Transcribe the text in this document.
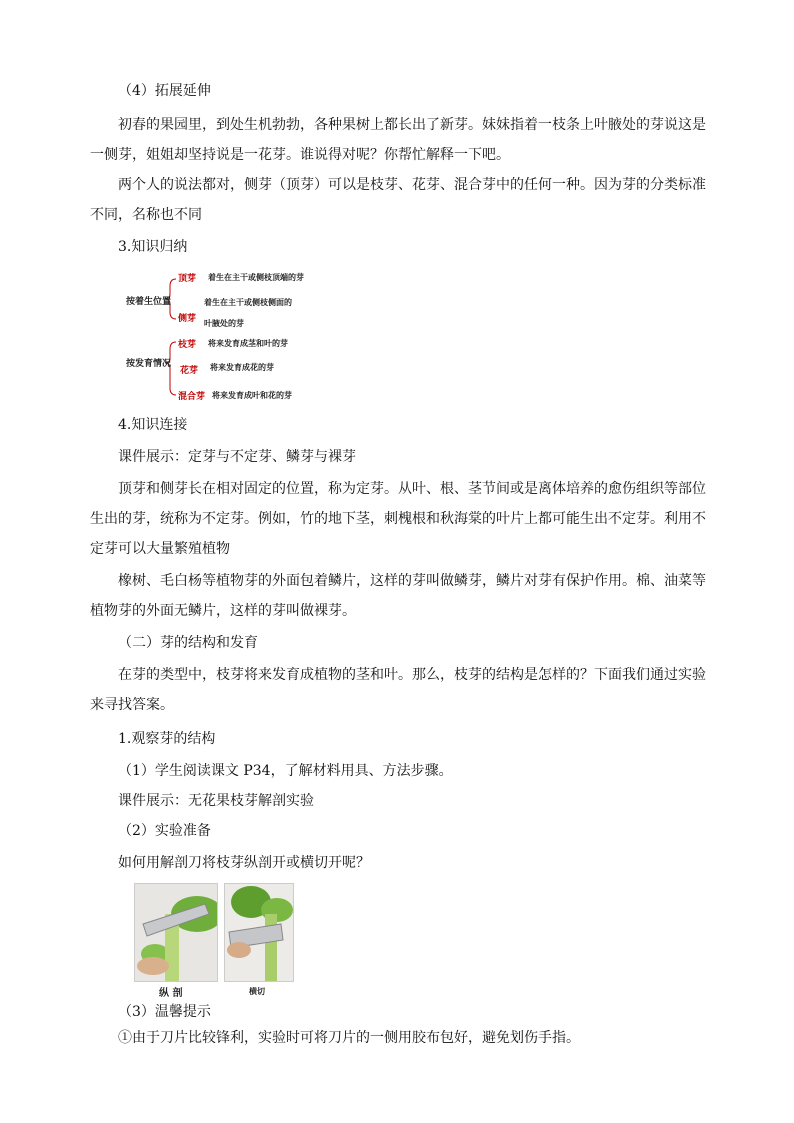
（4）拓展延伸
初春的果园里，到处生机勃勃，各种果树上都长出了新芽。妹妹指着一枝条上叶腋处的芽说这是
一侧芽，姐姐却坚持说是一花芽。谁说得对呢？你帮忙解释一下吧。
两个人的说法都对，侧芽（顶芽）可以是枝芽、花芽、混合芽中的任何一种。因为芽的分类标准
不同，名称也不同
3.知识归纳
按着生位置
顶芽 着生在主干或侧枝顶端的芽
着生在主干或侧枝侧面的
侧芽 叶腋处的芽
按发育情况
枝芽 将来发育成茎和叶的芽
花芽 将来发育成花的芽
混合芽 将来发育成叶和花的芽
4.知识连接
课件展示：定芽与不定芽、鳞芽与裸芽
顶芽和侧芽长在相对固定的位置，称为定芽。从叶、根、茎节间或是离体培养的愈伤组织等部位
生出的芽，统称为不定芽。例如，竹的地下茎，刺槐根和秋海棠的叶片上都可能生出不定芽。利用不
定芽可以大量繁殖植物
橡树、毛白杨等植物芽的外面包着鳞片，这样的芽叫做鳞芽，鳞片对芽有保护作用。棉、油菜等
植物芽的外面无鳞片，这样的芽叫做裸芽。
（二）芽的结构和发育
在芽的类型中，枝芽将来发育成植物的茎和叶。那么，枝芽的结构是怎样的？下面我们通过实验
来寻找答案。
1.观察芽的结构
（1）学生阅读课文 P34，了解材料用具、方法步骤。
课件展示：无花果枝芽解剖实验
（2）实验准备
如何用解剖刀将枝芽纵剖开或横切开呢？
纵 剖	横切
（3）温馨提示
①由于刀片比较锋利，实验时可将刀片的一侧用胶布包好，避免划伤手指。
